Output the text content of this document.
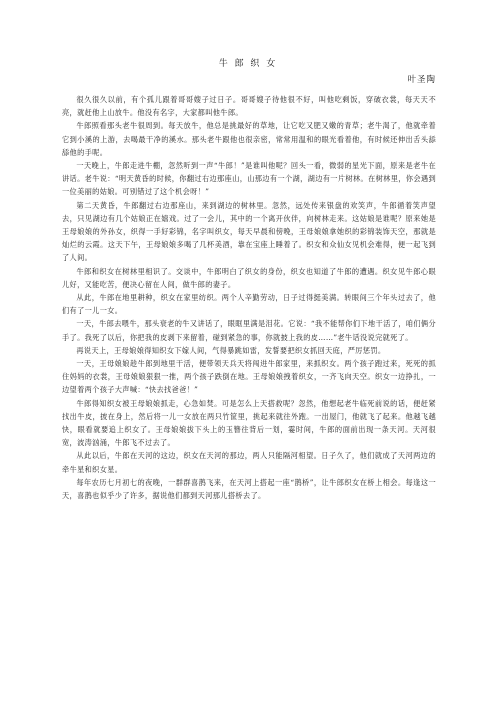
牛 郎 织 女
叶圣陶

很久很久以前，有个孤儿跟着哥哥嫂子过日子。哥哥嫂子待他很不好，叫他吃剩饭，穿破衣裳，每天天不亮，就赶他上山放牛。他没有名字，大家都叫他牛郎。

牛郎照看那头老牛很周到。每天放牛，他总是挑最好的草地，让它吃又肥又嫩的青草；老牛渴了，他就牵着它到小溪的上游，去喝最干净的溪水。那头老牛跟他也很亲密，常常用温和的眼光看着他，有时候还伸出舌头舔舔他的手呢。

一天晚上，牛郎走进牛棚，忽然听到一声“牛郎！”是谁叫他呢？回头一看，微弱的星光下面，原来是老牛在讲话。老牛说：“明天黄昏的时候，你翻过右边那座山，山那边有一个湖，湖边有一片树林。在树林里，你会遇到一位美丽的姑娘。可别错过了这个机会呀！”

第二天黄昏，牛郎翻过右边那座山，来到湖边的树林里。忽然，远处传来银盘的欢笑声，牛郎循着笑声望去，只见湖边有几个姑娘正在嬉戏。过了一会儿，其中的一个离开伙伴，向树林走来。这姑娘是谁呢？原来她是王母娘娘的外孙女，织得一手好彩锦，名字叫织女，每天早晨和傍晚，王母娘娘拿她织的彩锦装饰天空，那就是灿烂的云霞。这天下午，王母娘娘多喝了几杯美酒，靠在宝座上睡着了。织女和众仙女见机会难得，便一起飞到了人间。

牛郎和织女在树林里相识了。交谈中，牛郎明白了织女的身份，织女也知道了牛郎的遭遇。织女见牛郎心眼儿好，又能吃苦，便决心留在人间，做牛郎的妻子。

从此，牛郎在地里耕种，织女在家里纺织。两个人辛勤劳动，日子过得挺美满。转眼间三个年头过去了，他们有了一儿一女。

一天，牛郎去喂牛，那头衰老的牛又讲话了，眼眶里满是泪花。它说：“我不能帮你们下地干活了，咱们俩分手了。我死了以后，你把我的皮剥下来留着，碰到紧急的事，你就披上我的皮……”老牛话没说完就死了。

再说天上，王母娘娘得知织女下嫁人间，气得暴跳如雷，发誓要把织女抓回天庭，严厉惩罚。

一天，王母娘娘趁牛郎到地里干活，便带领天兵天将闯进牛郎家里，来抓织女。两个孩子跑过来，死死的抓住妈妈的衣裳，王母娘娘狠狠一推，两个孩子跌倒在地。王母娘娘拽着织女，一齐飞向天空。织女一边挣扎，一边望着两个孩子大声喊：“快去找爸爸！”

牛郎得知织女被王母娘娘抓走，心急如焚。可是怎么上天搭救呢？忽然，他想起老牛临死前说的话，便赶紧找出牛皮，披在身上，然后将一儿一女放在两只竹筐里，挑起来就往外跑。一出屋门，他就飞了起来。他越飞越快，眼看就要追上织女了。王母娘娘拔下头上的玉簪往背后一划，霎时间，牛郎的面前出现一条天河。天河很宽，波涛汹涌，牛郎飞不过去了。

从此以后，牛郎在天河的这边，织女在天河的那边，两人只能隔河相望。日子久了，他们就成了天河两边的牵牛星和织女星。

每年农历七月初七的夜晚，一群群喜鹊飞来，在天河上搭起一座“鹊桥”，让牛郎织女在桥上相会。每逢这一天，喜鹊也似乎少了许多，据说他们都到天河那儿搭桥去了。
